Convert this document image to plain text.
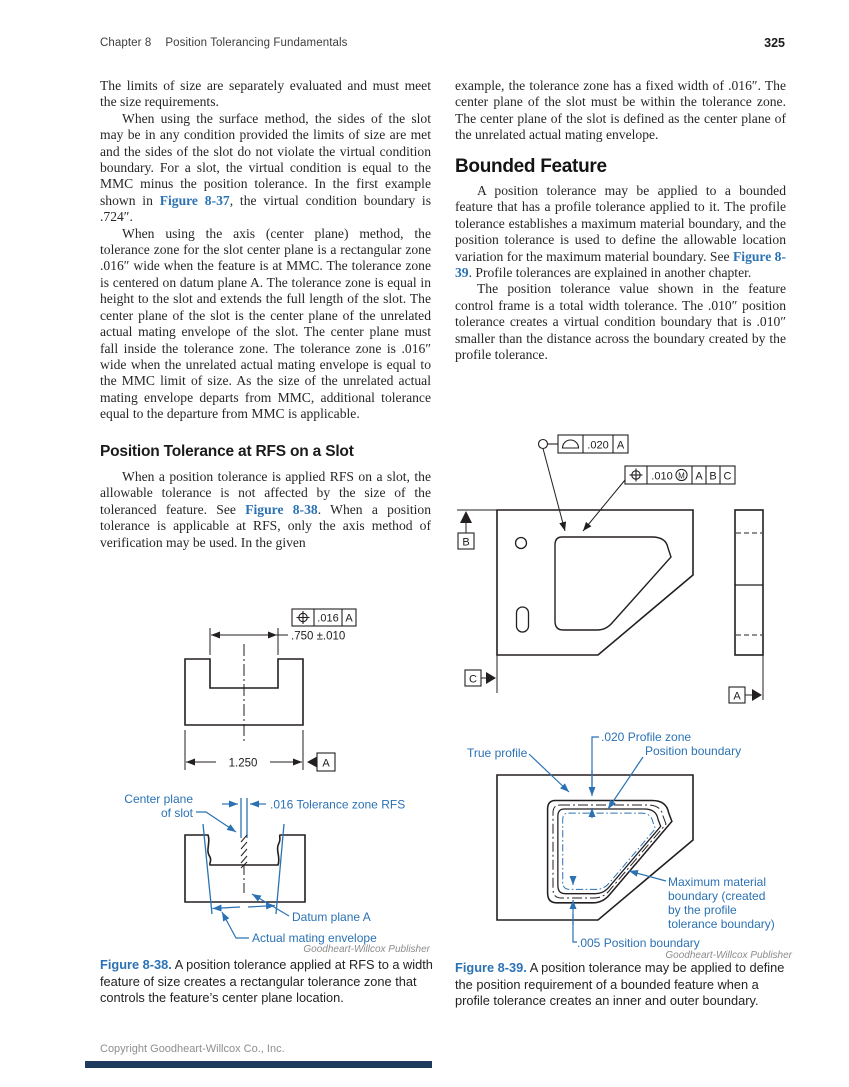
Chapter 8 Position Tolerancing Fundamentals	325

The limits of size are separately evaluated and must meet the size requirements.

When using the surface method, the sides of the slot may be in any condition provided the limits of size are met and the sides of the slot do not violate the virtual condition boundary. For a slot, the virtual condition is equal to the MMC minus the position tolerance. In the first example shown in Figure 8-37, the virtual condition boundary is .724″.

When using the axis (center plane) method, the tolerance zone for the slot center plane is a rectangular zone .016″ wide when the feature is at MMC. The tolerance zone is centered on datum plane A. The tolerance zone is equal in height to the slot and extends the full length of the slot. The center plane of the slot is the center plane of the unrelated actual mating envelope of the slot. The center plane must fall inside the tolerance zone. The tolerance zone is .016″ wide when the unrelated actual mating envelope is equal to the MMC limit of size. As the size of the unrelated actual mating envelope departs from MMC, additional tolerance equal to the departure from MMC is applicable.

Position Tolerance at RFS on a Slot

When a position tolerance is applied RFS on a slot, the allowable tolerance is not affected by the size of the toleranced feature. See Figure 8-38. When a position tolerance is applicable at RFS, only the axis method of verification may be used. In the given

example, the tolerance zone has a fixed width of .016″. The center plane of the slot must be within the tolerance zone. The center plane of the slot is defined as the center plane of the unrelated actual mating envelope.

Bounded Feature

A position tolerance may be applied to a bounded feature that has a profile tolerance applied to it. The profile tolerance establishes a maximum material boundary, and the position tolerance is used to define the allowable location variation for the maximum material boundary. See Figure 8-39. Profile tolerances are explained in another chapter.

The position tolerance value shown in the feature control frame is a total width tolerance. The .010″ position tolerance creates a virtual condition boundary that is .010″ smaller than the distance across the boundary created by the profile tolerance.

.016 A
.750 ±.010
1.250	A
Center plane
of slot
.016 Tolerance zone RFS
Datum plane A
Actual mating envelope
Goodheart-Willcox Publisher
.020 A
.010 M A B C
B
C
A
True profile
.020 Profile zone
Position boundary
Maximum material
boundary (created
by the profile
tolerance boundary)
.005 Position boundary
Goodheart-Willcox Publisher
Figure 8-38. A position tolerance applied at RFS to a width feature of size creates a rectangular tolerance zone that controls the feature’s center plane location.
Figure 8-39. A position tolerance may be applied to define the position requirement of a bounded feature when a profile tolerance creates an inner and outer boundary.
Copyright Goodheart-Willcox Co., Inc.
